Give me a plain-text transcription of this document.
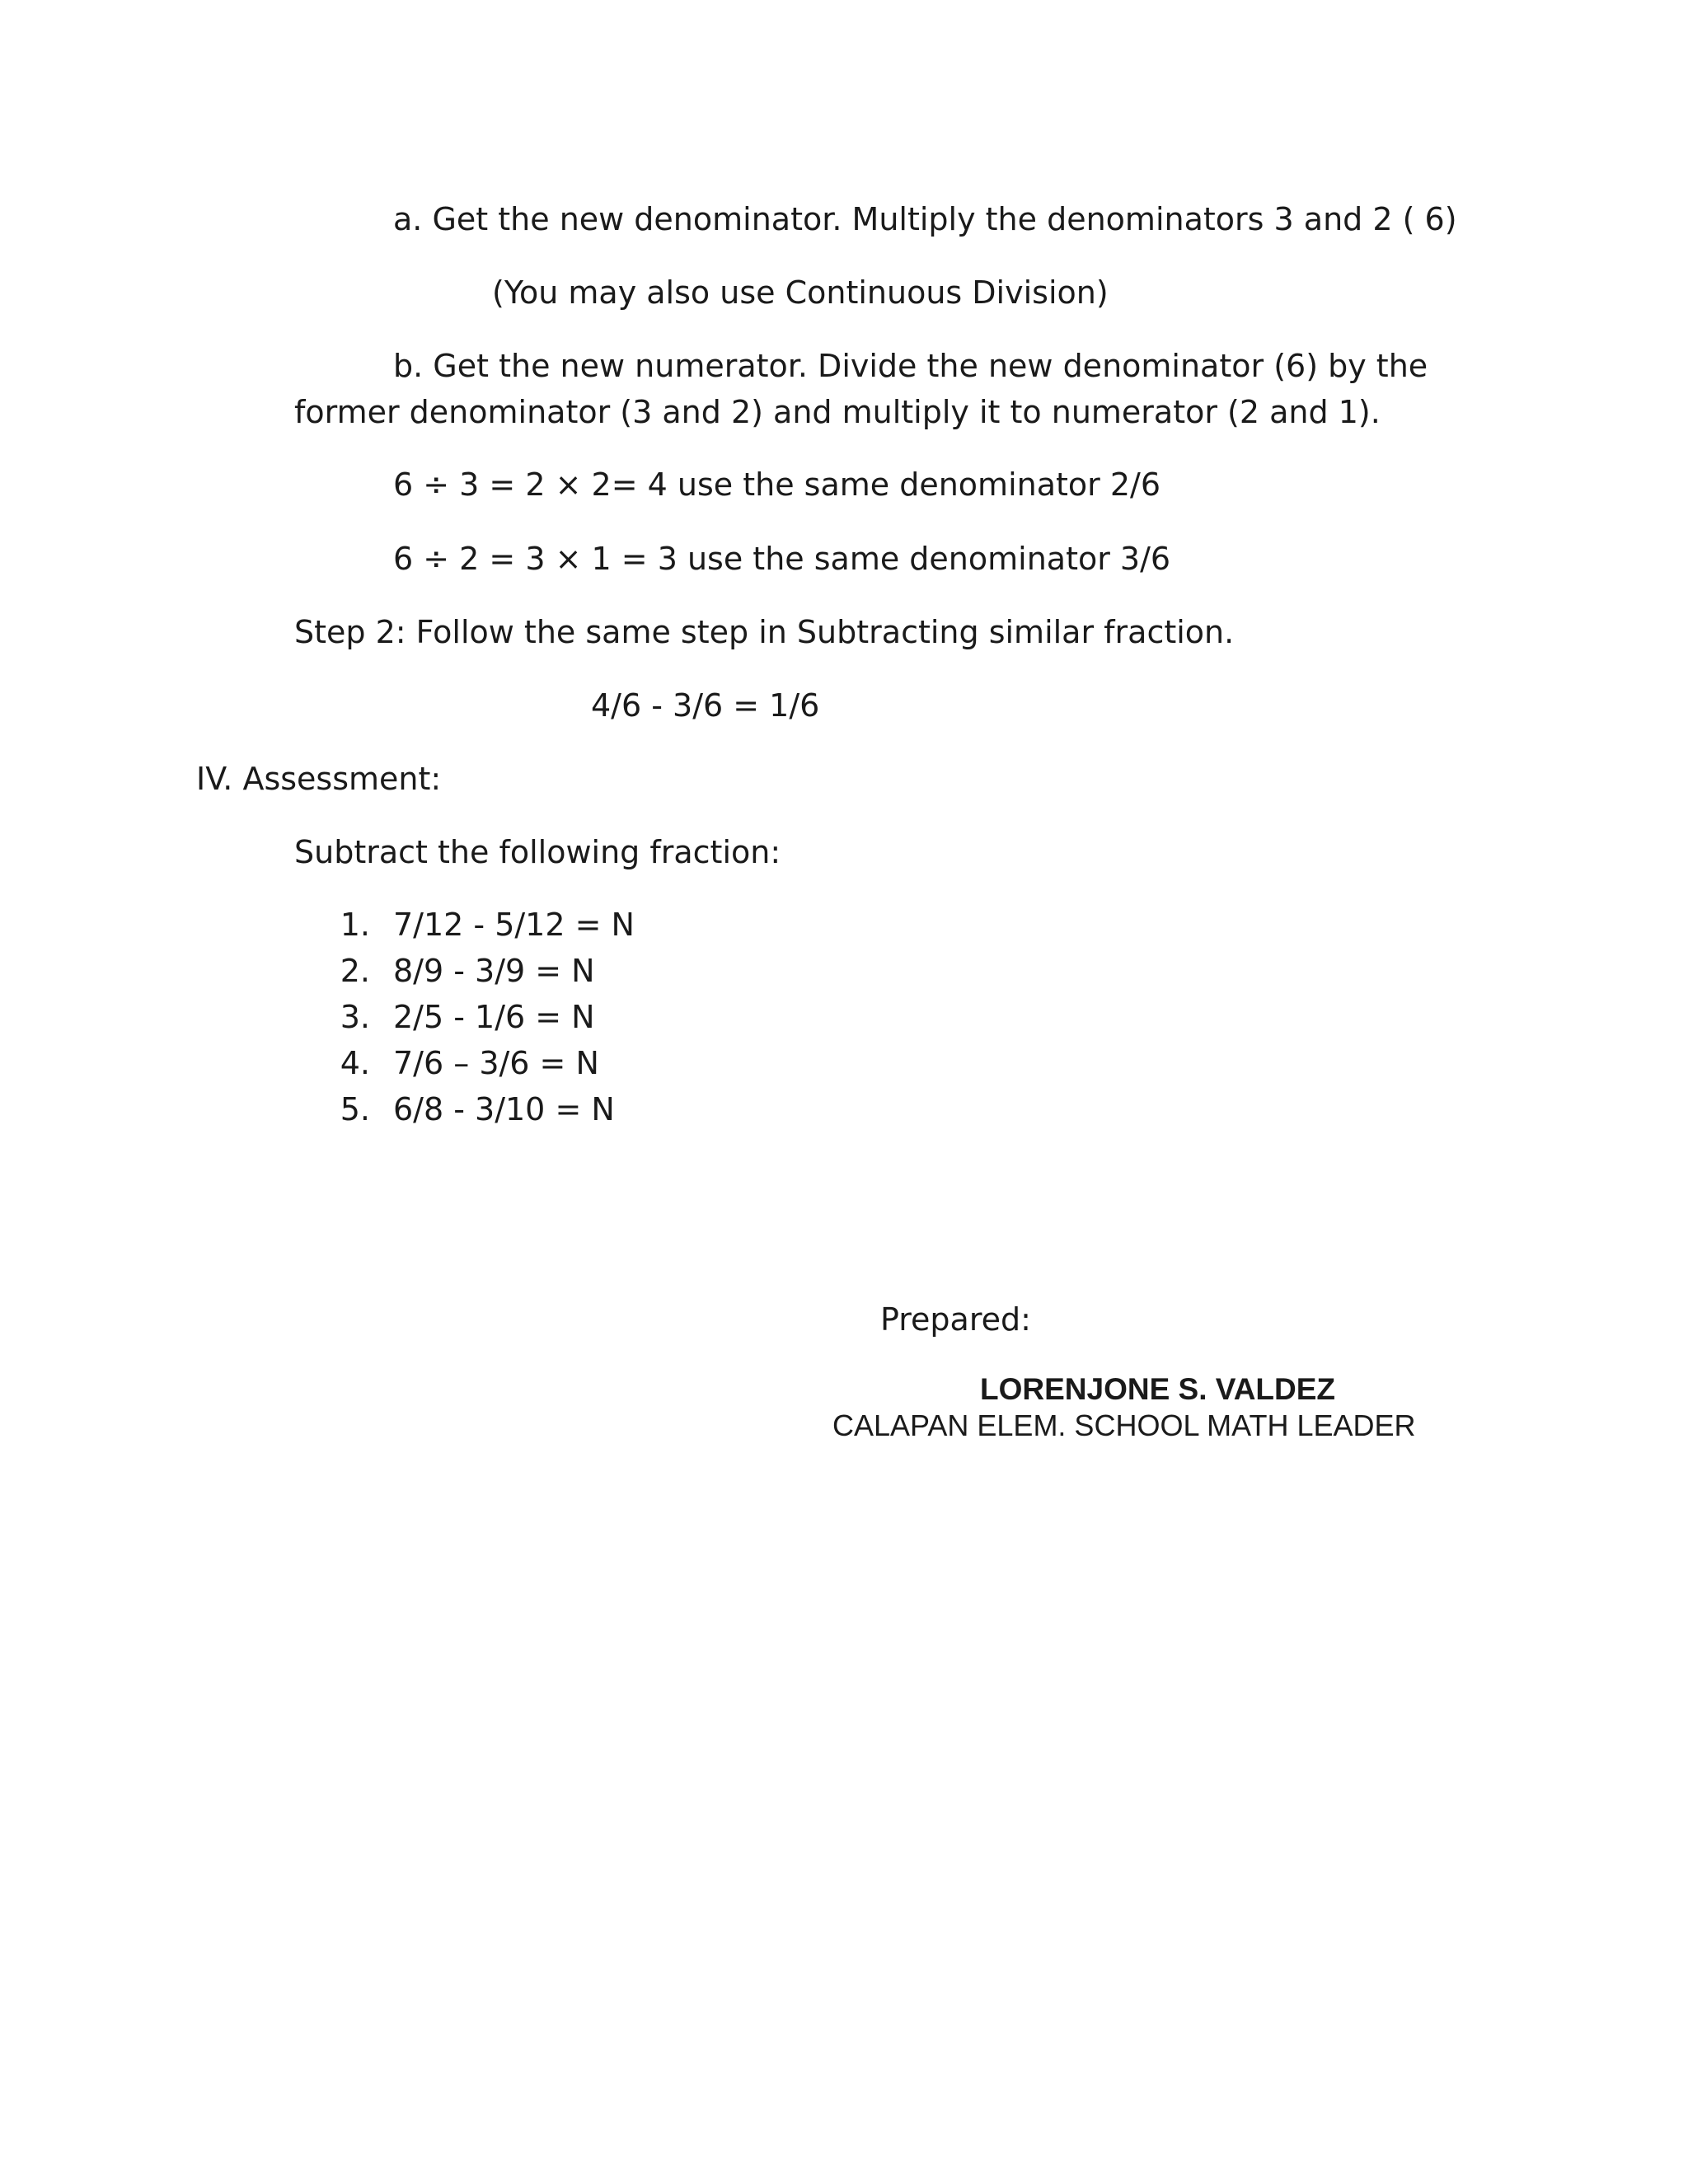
a. Get the new denominator. Multiply the denominators 3 and 2 ( 6)
(You may also use Continuous Division)
b. Get the new numerator. Divide the new denominator (6) by the
former denominator (3 and 2) and multiply it to numerator (2 and 1).
6 ÷ 3 = 2 × 2= 4 use the same denominator 2/6
6 ÷ 2 = 3 × 1 = 3 use the same denominator 3/6
Step 2: Follow the same step in Subtracting similar fraction.
4/6 - 3/6 = 1/6
IV. Assessment:
Subtract the following fraction:
1. 7/12 - 5/12 = N
2. 8/9 - 3/9 = N
3. 2/5 - 1/6 = N
4. 7/6 – 3/6 = N
5. 6/8 - 3/10 = N
Prepared:
LORENJONE S. VALDEZ
CALAPAN ELEM. SCHOOL MATH LEADER
